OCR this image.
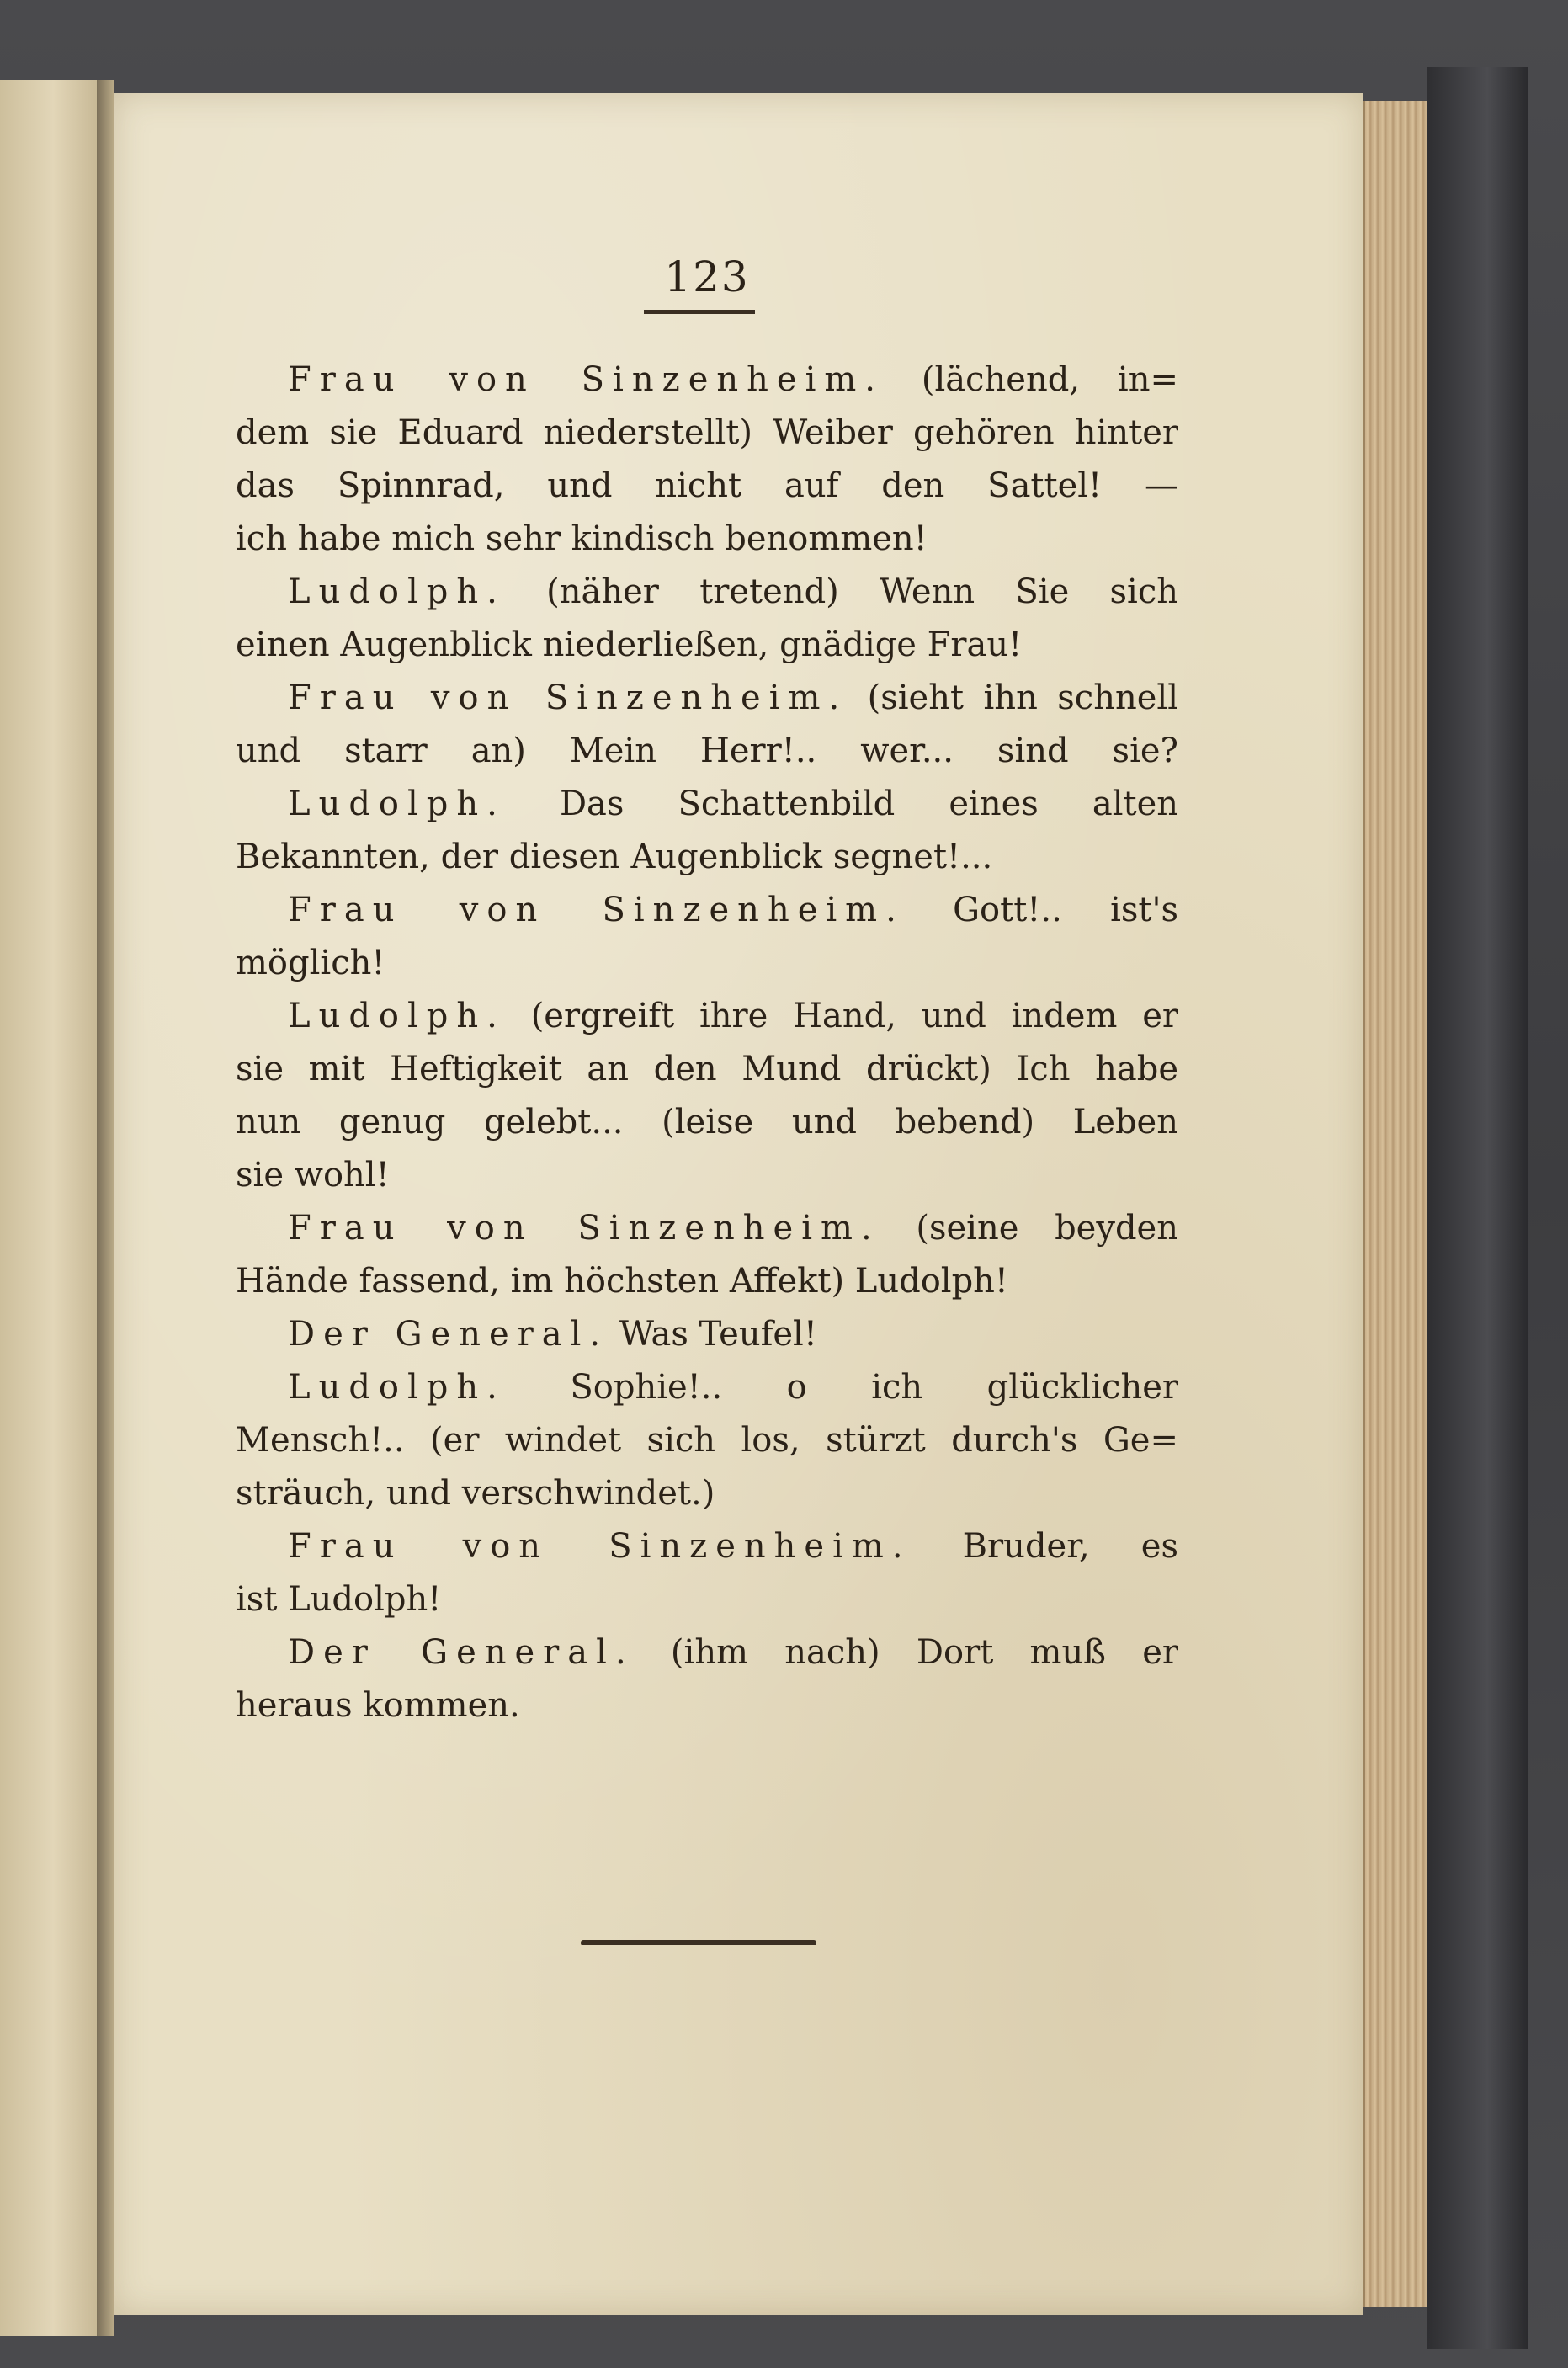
123
Frau von Sinzenheim. (lächend, in=
dem sie Eduard niederstellt) Weiber gehören hinter
das Spinnrad, und nicht auf den Sattel! —
ich habe mich sehr kindisch benommen!
Ludolph. (näher tretend) Wenn Sie sich
einen Augenblick niederließen, gnädige Frau!
Frau von Sinzenheim. (sieht ihn schnell
und starr an) Mein Herr!.. wer... sind sie?
Ludolph. Das Schattenbild eines alten
Bekannten, der diesen Augenblick segnet!...
Frau von Sinzenheim. Gott!.. ist's
möglich!
Ludolph. (ergreift ihre Hand, und indem er
sie mit Heftigkeit an den Mund drückt) Ich habe
nun genug gelebt... (leise und bebend) Leben
sie wohl!
Frau von Sinzenheim. (seine beyden
Hände fassend, im höchsten Affekt) Ludolph!
Der General. Was Teufel!
Ludolph. Sophie!.. o ich glücklicher
Mensch!.. (er windet sich los, stürzt durch's Ge=
sträuch, und verschwindet.)
Frau von Sinzenheim. Bruder, es
ist Ludolph!
Der General. (ihm nach) Dort muß er
heraus kommen.
